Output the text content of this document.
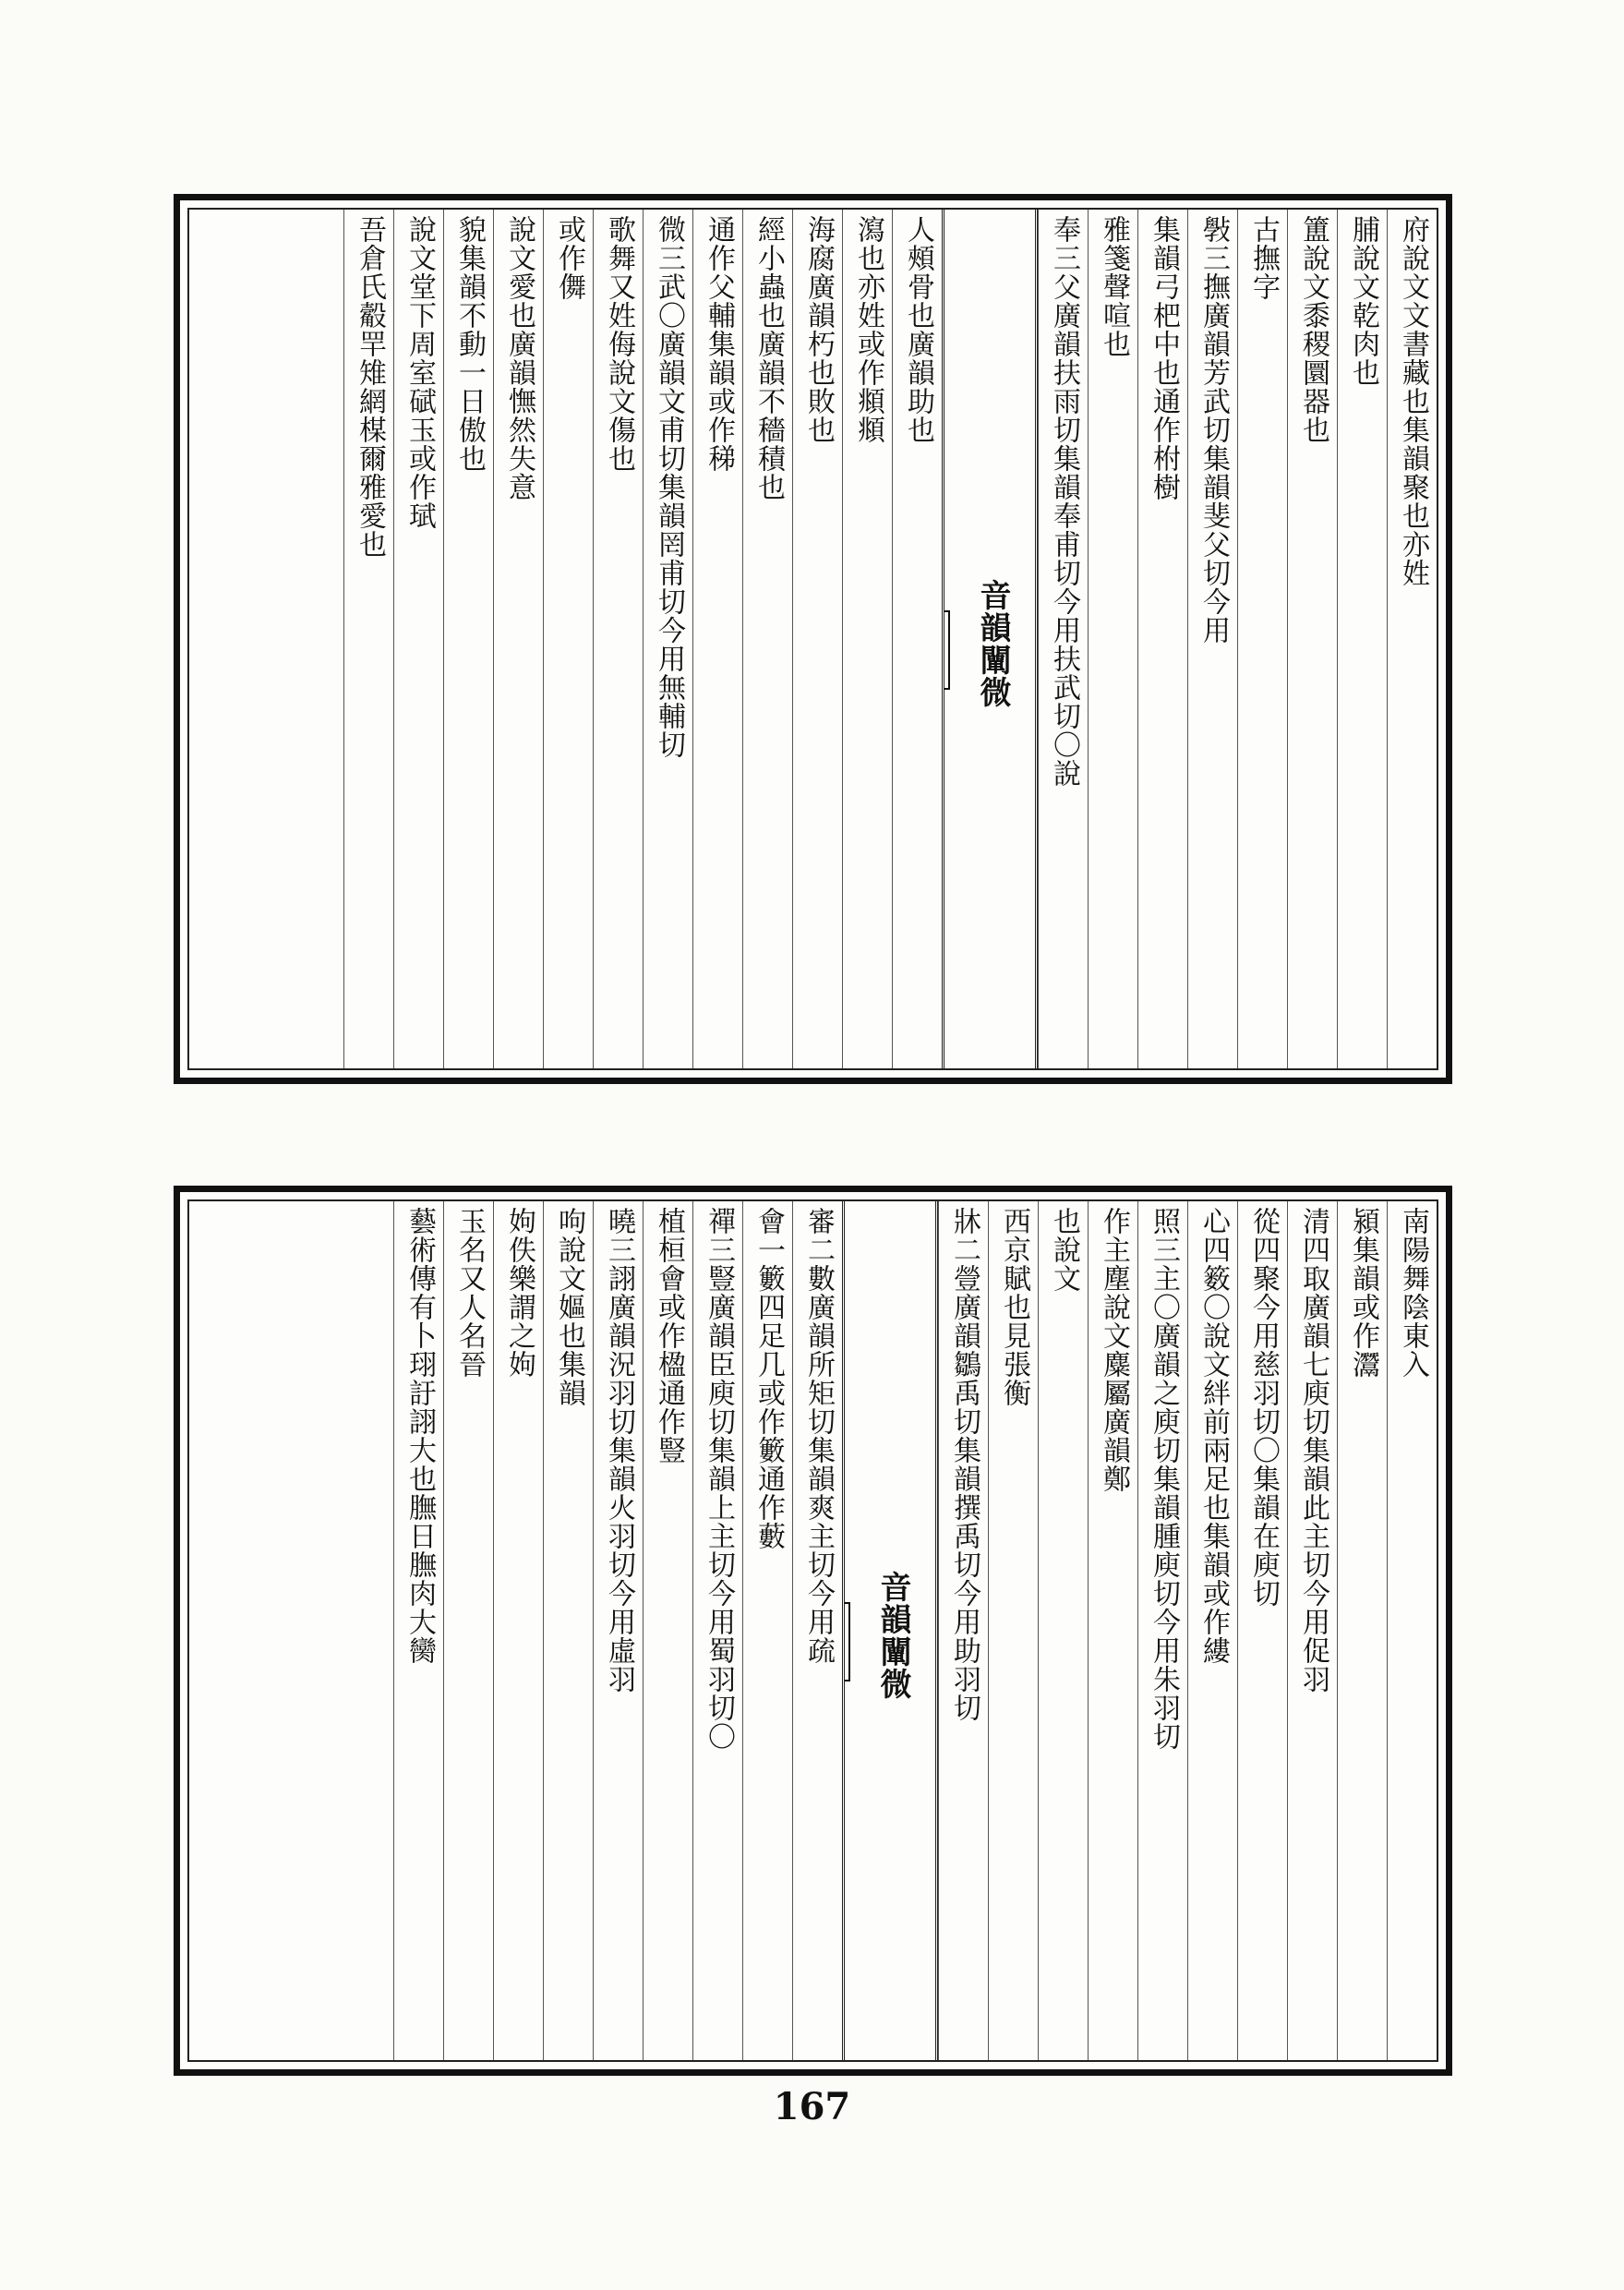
府說文文書藏也集韻聚也亦姓
脯說文乾肉也
簠說文黍稷圜器也
古撫字
斅三撫廣韻芳武切集韻斐父切今用
集韻弓杷中也通作柎樹
雅箋聲喧也
奉三父廣韻扶雨切集韻奉甫切今用扶武切〇說
音韻闡微
人頰骨也廣韻助也
瀉也亦姓或作頫頫
海腐廣韻朽也敗也
經小蟲也廣韻不穡積也
通作父輔集韻或作稊
微三武〇廣韻文甫切集韻罔甫切今用無輔切
歌舞又姓侮說文傷也
或作儛
說文愛也廣韻憮然失意
貌集韻不動一日傲也
說文堂下周室碔玉或作珷
吾倉氏觳䍐雉網楳爾雅愛也
南陽舞陰東入
潁集韻或作灊
清四取廣韻七庾切集韻此主切今用促羽
從四聚今用慈羽切〇集韻在庾切
心四䉤〇說文絆前兩足也集韻或作縷
照三主〇廣韻之庾切集韻腫庾切今用朱羽切
作主塵說文麋屬廣韻鄭
也說文
西京賦也見張衡
牀二䝁廣韻鶵禹切集韻撰禹切今用助羽切
音韻闡微
審二數廣韻所矩切集韻爽主切今用疏
會一籔四足几或作籔通作藪
禪三豎廣韻臣庾切集韻上主切今用蜀羽切〇
植桓會或作楹通作豎
曉三詡廣韻況羽切集韻火羽切今用虛羽
呴說文嫗也集韻
姁佚樂謂之姁
玉名又人名晉
藝術傳有卜珝訏詡大也膴日膴肉大臠
167
